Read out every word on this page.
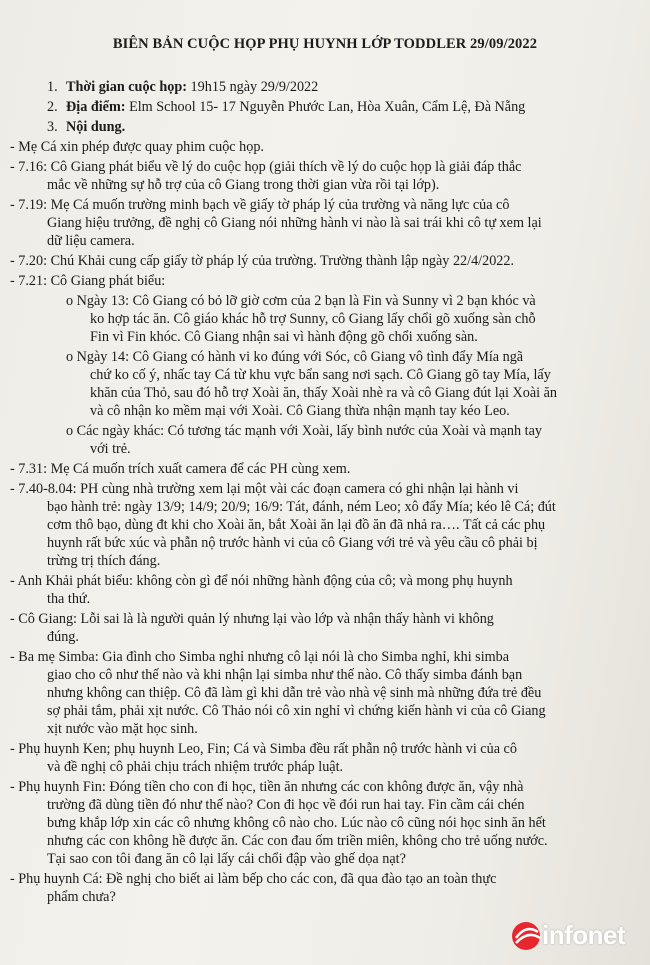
BIÊN BẢN CUỘC HỌP PHỤ HUYNH LỚP TODDLER 29/09/2022
1.
2.
3.
- Mẹ Cá xin phép được quay phim cuộc họp.
- 7.16: Cô Giang phát biểu về lý do cuộc họp (giải thích về lý do cuộc họp là giải đáp thắc
mắc về những sự hỗ trợ của cô Giang trong thời gian vừa rồi tại lớp).
- 7.19: Mẹ Cá muốn trường minh bạch về giấy tờ pháp lý của trường và năng lực của cô
Giang hiệu trưởng, đề nghị cô Giang nói những hành vi nào là sai trái khi cô tự xem lại
dữ liệu camera.
- 7.20: Chú Khải cung cấp giấy tờ pháp lý của trường. Trường thành lập ngày 22/4/2022.
- 7.21: Cô Giang phát biểu:
o Ngày 13: Cô Giang có bỏ lỡ giờ cơm của 2 bạn là Fin và Sunny vì 2 bạn khóc và
ko hợp tác ăn. Cô giáo khác hỗ trợ Sunny, cô Giang lấy chổi gõ xuống sàn chỗ
Fin vì Fin khóc. Cô Giang nhận sai vì hành động gõ chổi xuống sàn.
o Ngày 14: Cô Giang có hành vi ko đúng với Sóc, cô Giang vô tình đẩy Mía ngã
chứ ko cố ý, nhấc tay Cá từ khu vực bẩn sang nơi sạch. Cô Giang gõ tay Mía, lấy
khăn của Thỏ, sau đó hỗ trợ Xoài ăn, thấy Xoài nhè ra và cô Giang đút lại Xoài ăn
và cô nhận ko mềm mại với Xoài. Cô Giang thừa nhận mạnh tay kéo Leo.
o Các ngày khác: Có tương tác mạnh với Xoài, lấy bình nước của Xoài và mạnh tay
với trẻ.
- 7.31: Mẹ Cá muốn trích xuất camera để các PH cùng xem.
- 7.40-8.04: PH cùng nhà trường xem lại một vài các đoạn camera có ghi nhận lại hành vi
bạo hành trẻ: ngày 13/9; 14/9; 20/9; 16/9: Tát, đánh, ném Leo; xô đẩy Mía; kéo lê Cá; đút
cơm thô bạo, dùng đt khi cho Xoài ăn, bắt Xoài ăn lại đồ ăn đã nhả ra…. Tất cả các phụ
huynh rất bức xúc và phẫn nộ trước hành vi của cô Giang với trẻ và yêu cầu cô phải bị
trừng trị thích đáng.
- Anh Khải phát biểu: không còn gì để nói những hành động của cô; và mong phụ huynh
tha thứ.
- Cô Giang: Lỗi sai là là người quản lý nhưng lại vào lớp và nhận thấy hành vi không
đúng.
- Ba mẹ Simba: Gia đình cho Simba nghỉ nhưng cô lại nói là cho Simba nghỉ, khi simba
giao cho cô như thế nào và khi nhận lại simba như thế nào. Cô thấy simba đánh bạn
nhưng không can thiệp. Cô đã làm gì khi dẫn trẻ vào nhà vệ sinh mà những đứa trẻ đều
sợ phải tắm, phải xịt nước. Cô Thảo nói cô xin nghỉ vì chứng kiến hành vi của cô Giang
xịt nước vào mặt học sinh.
- Phụ huynh Ken; phụ huynh Leo, Fin; Cá và Simba đều rất phẫn nộ trước hành vi của cô
và đề nghị cô phải chịu trách nhiệm trước pháp luật.
- Phụ huynh Fin: Đóng tiền cho con đi học, tiền ăn nhưng các con không được ăn, vậy nhà
trường đã dùng tiền đó như thế nào? Con đi học về đói run hai tay. Fin cầm cái chén
bưng khắp lớp xin các cô nhưng không cô nào cho. Lúc nào cô cũng nói học sinh ăn hết
nhưng các con không hề được ăn. Các con đau ốm triền miên, không cho trẻ uống nước.
Tại sao con tôi đang ăn cô lại lấy cái chổi đập vào ghế dọa nạt?
- Phụ huynh Cá: Đề nghị cho biết ai làm bếp cho các con, đã qua đào tạo an toàn thực
phẩm chưa?
Thời gian cuộc họp: 19h15 ngày 29/9/2022
Địa điểm: Elm School 15- 17 Nguyễn Phước Lan, Hòa Xuân, Cẩm Lệ, Đà Nẵng
Nội dung.
infonet
